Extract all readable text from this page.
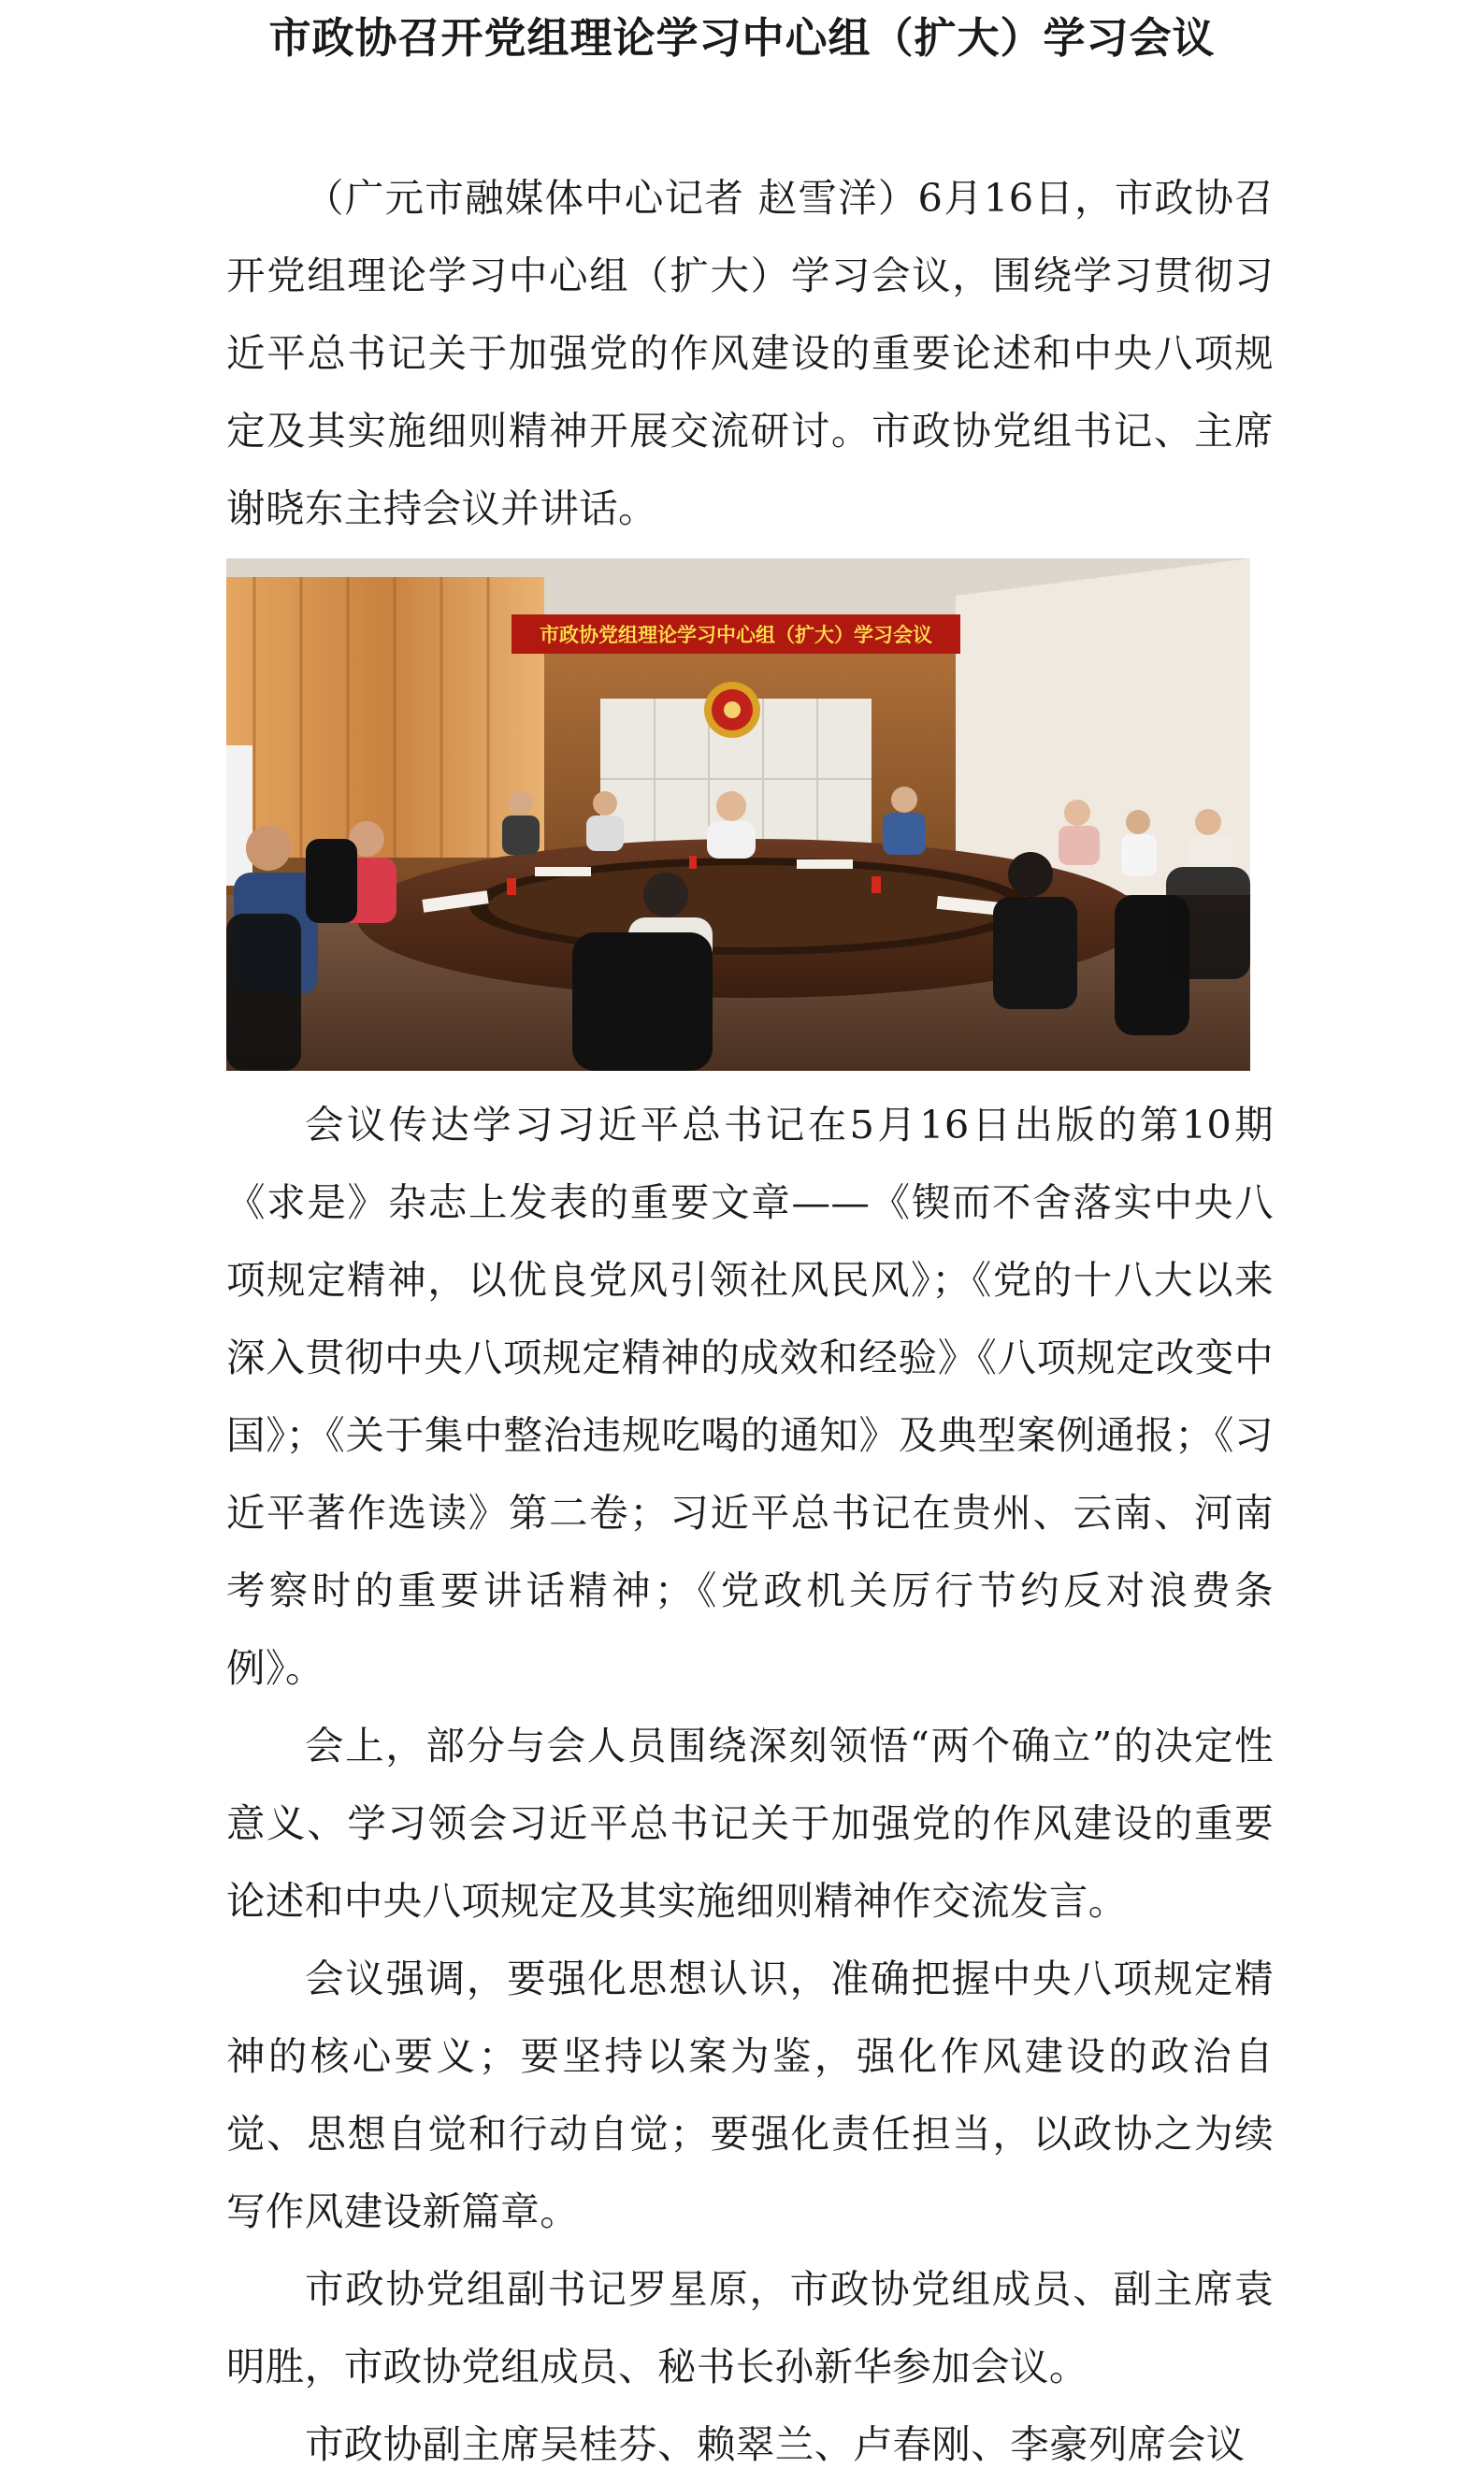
市政协召开党组理论学习中心组（扩大）学习会议

（广元市融媒体中心记者 赵雪洋）6月16日，市政协召开党组理论学习中心组（扩大）学习会议，围绕学习贯彻习近平总书记关于加强党的作风建设的重要论述和中央八项规定及其实施细则精神开展交流研讨。市政协党组书记、主席谢晓东主持会议并讲话。

市政协党组理论学习中心组（扩大）学习会议

会议传达学习习近平总书记在5月16日出版的第10期《求是》杂志上发表的重要文章——《锲而不舍落实中央八项规定精神，以优良党风引领社风民风》；《党的十八大以来深入贯彻中央八项规定精神的成效和经验》《八项规定改变中国》；《关于集中整治违规吃喝的通知》及典型案例通报；《习近平著作选读》第二卷；习近平总书记在贵州、云南、河南考察时的重要讲话精神；《党政机关厉行节约反对浪费条例》。

会上，部分与会人员围绕深刻领悟“两个确立”的决定性意义、学习领会习近平总书记关于加强党的作风建设的重要论述和中央八项规定及其实施细则精神作交流发言。

会议强调，要强化思想认识，准确把握中央八项规定精神的核心要义；要坚持以案为鉴，强化作风建设的政治自觉、思想自觉和行动自觉；要强化责任担当，以政协之为续写作风建设新篇章。

市政协党组副书记罗星原，市政协党组成员、副主席袁明胜，市政协党组成员、秘书长孙新华参加会议。

市政协副主席吴桂芬、赖翠兰、卢春刚、李豪列席会议
